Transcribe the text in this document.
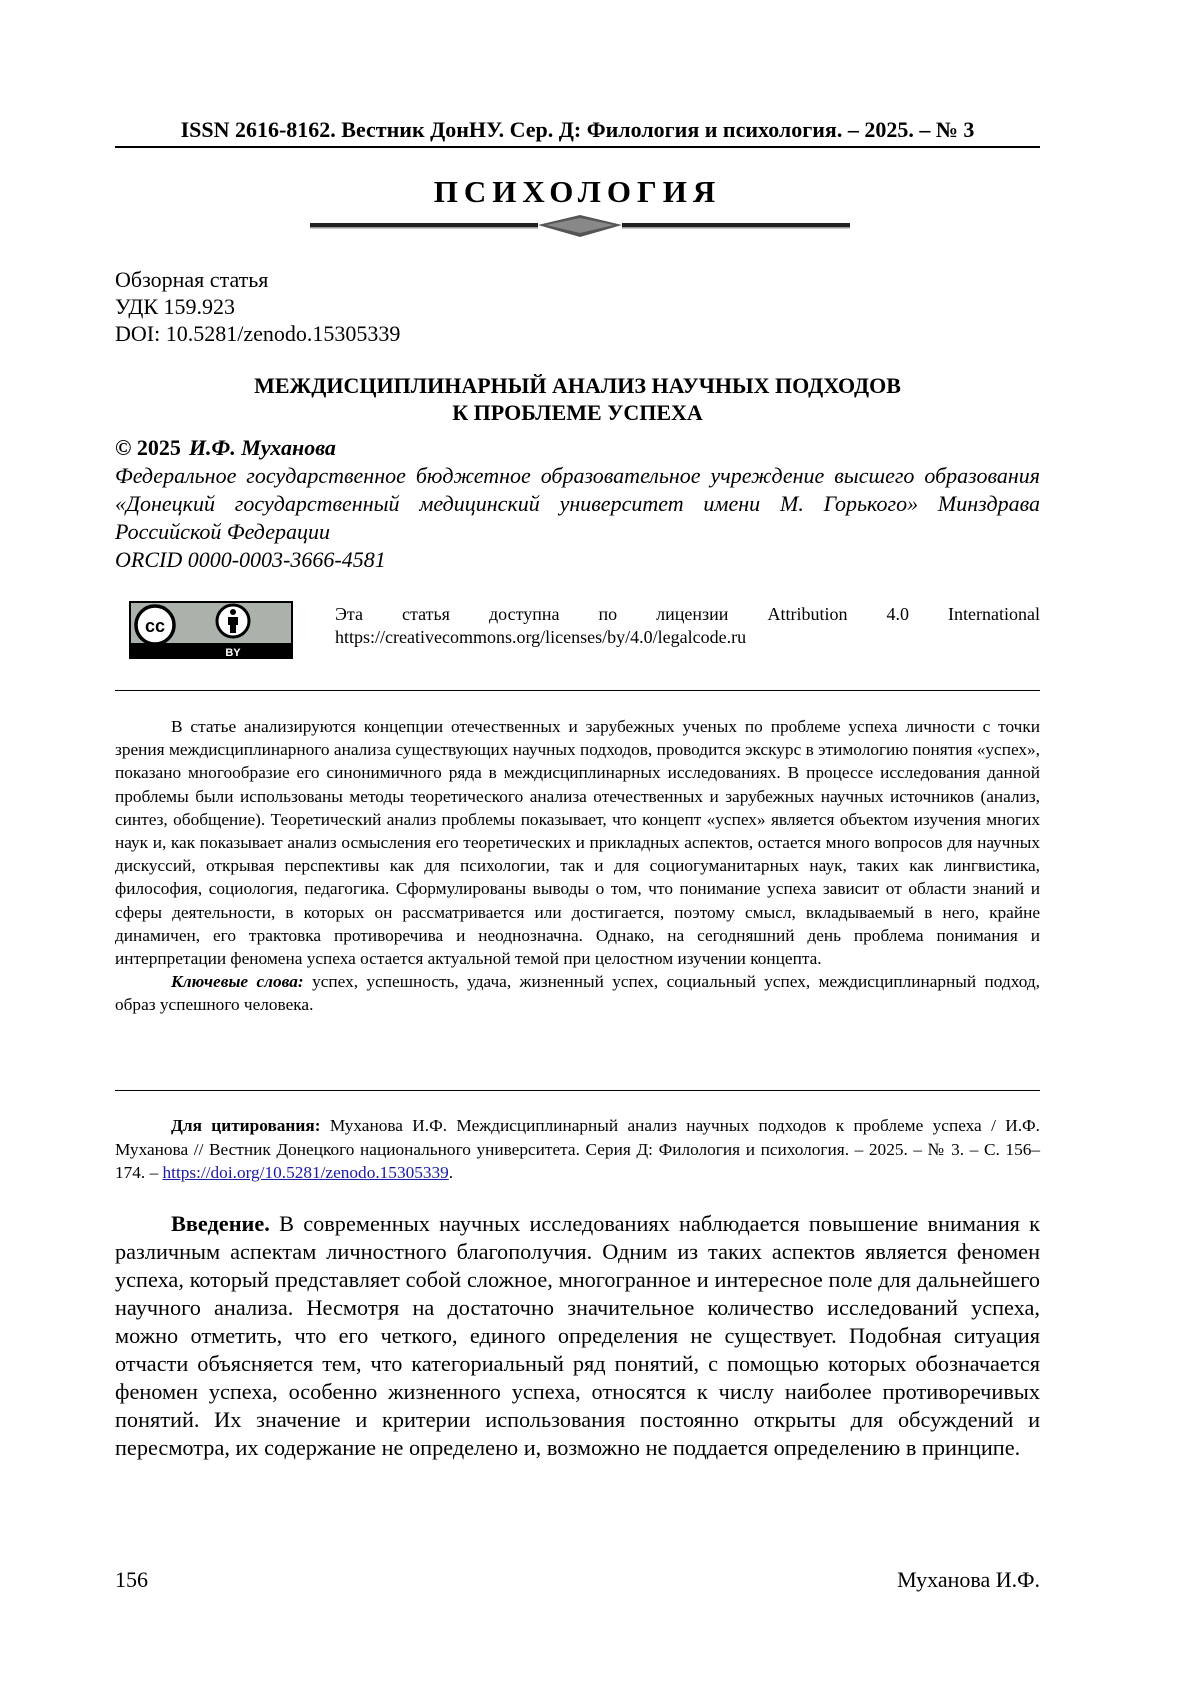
ISSN 2616-8162. Вестник ДонНУ. Сер. Д: Филология и психология. – 2025. – № 3
ПСИХОЛОГИЯ
Обзорная статья
УДК 159.923
DOI: 10.5281/zenodo.15305339
МЕЖДИСЦИПЛИНАРНЫЙ АНАЛИЗ НАУЧНЫХ ПОДХОДОВ
К ПРОБЛЕМЕ УСПЕХА
© 2025 И.Ф. Муханова
Федеральное государственное бюджетное образовательное учреждение высшего образования «Донецкий государственный медицинский университет имени М. Горького» Минздрава Российской Федерации
ORCID 0000-0003-3666-4581
cc
BY
Эта статья доступна по лицензии Attribution 4.0 International
https://creativecommons.org/licenses/by/4.0/legalcode.ru

В статье анализируются концепции отечественных и зарубежных ученых по проблеме успеха личности с точки зрения междисциплинарного анализа существующих научных подходов, проводится экскурс в этимологию понятия «успех», показано многообразие его синонимичного ряда в междисциплинарных исследованиях. В процессе исследования данной проблемы были использованы методы теоретического анализа отечественных и зарубежных научных источников (анализ, синтез, обобщение). Теоретический анализ проблемы показывает, что концепт «успех» является объектом изучения многих наук и, как показывает анализ осмысления его теоретических и прикладных аспектов, остается много вопросов для научных дискуссий, открывая перспективы как для психологии, так и для социогуманитарных наук, таких как лингвистика, философия, социология, педагогика. Сформулированы выводы о том, что понимание успеха зависит от области знаний и сферы деятельности, в которых он рассматривается или достигается, поэтому смысл, вкладываемый в него, крайне динамичен, его трактовка противоречива и неоднозначна. Однако, на сегодняшний день проблема понимания и интерпретации феномена успеха остается актуальной темой при целостном изучении концепта.

Ключевые слова: успех, успешность, удача, жизненный успех, социальный успех, междисциплинарный подход, образ успешного человека.

Для цитирования: Муханова И.Ф. Междисциплинарный анализ научных подходов к проблеме успеха / И.Ф. Муханова // Вестник Донецкого национального университета. Серия Д: Филология и психология. – 2025. – № 3. – С. 156–174. – https://doi.org/10.5281/zenodo.15305339.

Введение. В современных научных исследованиях наблюдается повышение внимания к различным аспектам личностного благополучия. Одним из таких аспектов является феномен успеха, который представляет собой сложное, многогранное и интересное поле для дальнейшего научного анализа. Несмотря на достаточно значительное количество исследований успеха, можно отметить, что его четкого, единого определения не существует. Подобная ситуация отчасти объясняется тем, что категориальный ряд понятий, с помощью которых обозначается феномен успеха, особенно жизненного успеха, относятся к числу наиболее противоречивых понятий. Их значение и критерии использования постоянно открыты для обсуждений и пересмотра, их содержание не определено и, возможно не поддается определению в принципе.

156	Муханова И.Ф.
